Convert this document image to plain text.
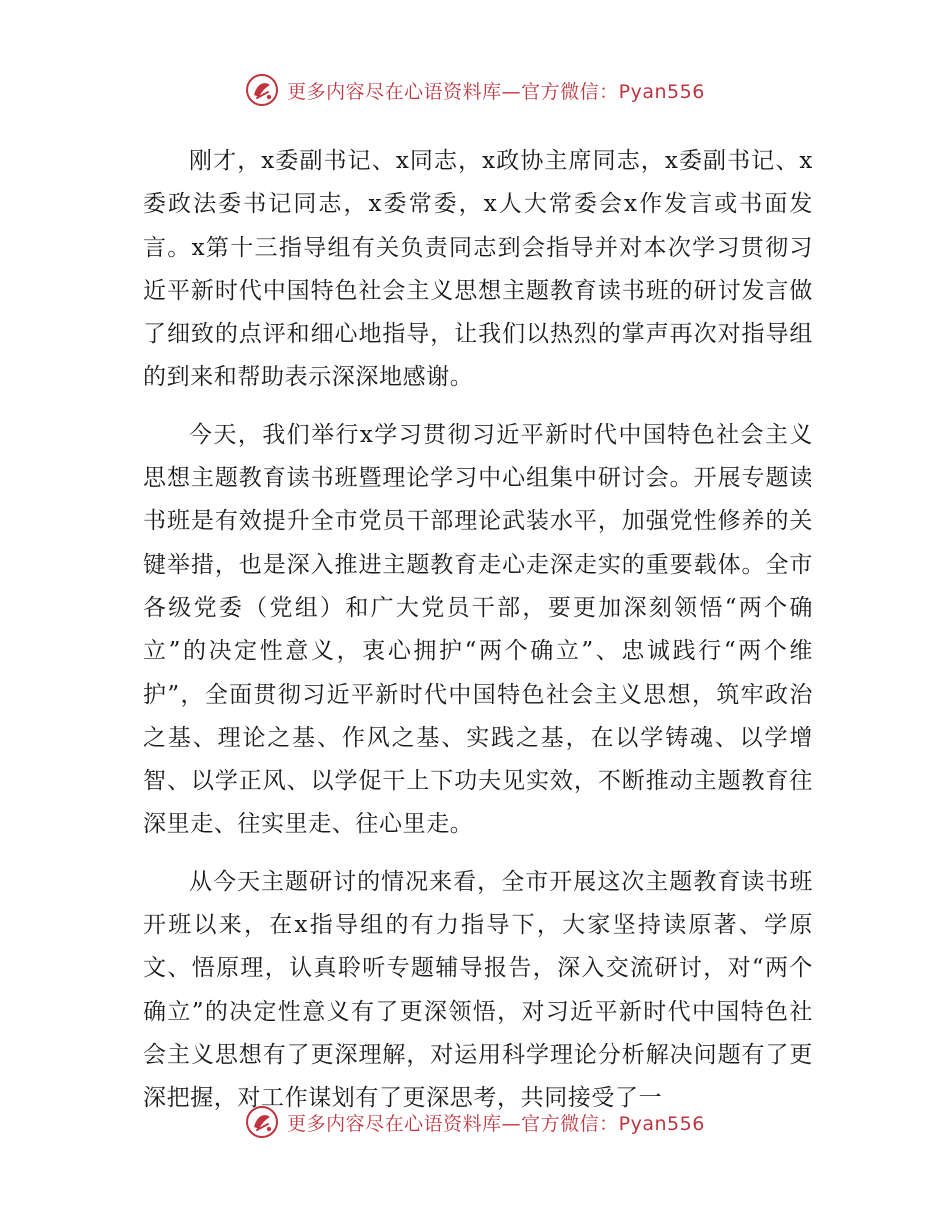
更多内容尽在心语资料库—官方微信：Pyan556

刚才，x委副书记、x同志，x政协主席同志，x委副书记、x委政法委书记同志，x委常委，x人大常委会x作发言或书面发言。x第十三指导组有关负责同志到会指导并对本次学习贯彻习近平新时代中国特色社会主义思想主题教育读书班的研讨发言做了细致的点评和细心地指导，让我们以热烈的掌声再次对指导组的到来和帮助表示深深地感谢。

今天，我们举行x学习贯彻习近平新时代中国特色社会主义思想主题教育读书班暨理论学习中心组集中研讨会。开展专题读书班是有效提升全市党员干部理论武装水平，加强党性修养的关键举措，也是深入推进主题教育走心走深走实的重要载体。全市各级党委（党组）和广大党员干部，要更加深刻领悟“两个确立”的决定性意义，衷心拥护“两个确立”、忠诚践行“两个维护”，全面贯彻习近平新时代中国特色社会主义思想，筑牢政治之基、理论之基、作风之基、实践之基，在以学铸魂、以学增智、以学正风、以学促干上下功夫见实效，不断推动主题教育往深里走、往实里走、往心里走。

从今天主题研讨的情况来看，全市开展这次主题教育读书班开班以来，在x指导组的有力指导下，大家坚持读原著、学原文、悟原理，认真聆听专题辅导报告，深入交流研讨，对“两个确立”的决定性意义有了更深领悟，对习近平新时代中国特色社会主义思想有了更深理解，对运用科学理论分析解决问题有了更深把握，对工作谋划有了更深思考，共同接受了一

更多内容尽在心语资料库—官方微信：Pyan556
